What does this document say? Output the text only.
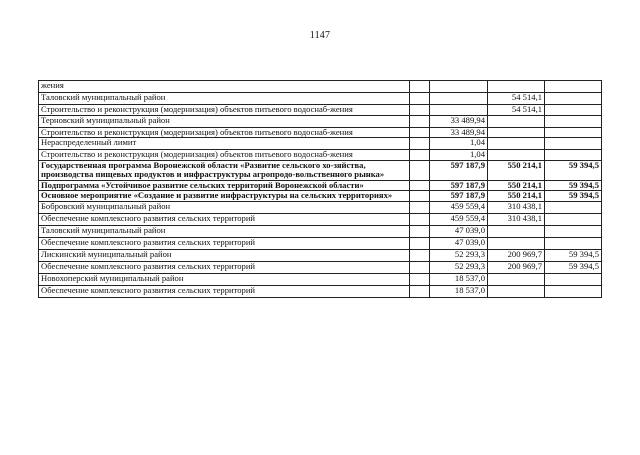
1147
жения				
Таловский муниципальный район			54 514,1	
Строительство и реконструкция (модернизация) объектов питьевого водоснаб-жения			54 514,1	
Терновский муниципальный район		33 489,94		
Строительство и реконструкция (модернизация) объектов питьевого водоснаб-жения		33 489,94		
Нераспределенный лимит		1,04		
Строительство и реконструкция (модернизация) объектов питьевого водоснаб-жения		1,04		
Государственная программа Воронежской области «Развитие сельского хо-зяйства, производства пищевых продуктов и инфраструктуры агропродо-вольственного рынка»		597 187,9	550 214,1	59 394,5
Подпрограмма «Устойчивое развитие сельских территорий Воронежской области»		597 187,9	550 214,1	59 394,5
Основное мероприятие «Создание и развитие инфраструктуры на сельских территориях»		597 187,9	550 214,1	59 394,5
Бобровский муниципальный район		459 559,4	310 438,1	
Обеспечение комплексного развития сельских территорий		459 559,4	310 438,1	
Таловский муниципальный район		47 039,0		
Обеспечение комплексного развития сельских территорий		47 039,0		
Лискинский муниципальный район		52 293,3	200 969,7	59 394,5
Обеспечение комплексного развития сельских территорий		52 293,3	200 969,7	59 394,5
Новохоперский муниципальный район		18 537,0		
Обеспечение комплексного развития сельских территорий		18 537,0		
